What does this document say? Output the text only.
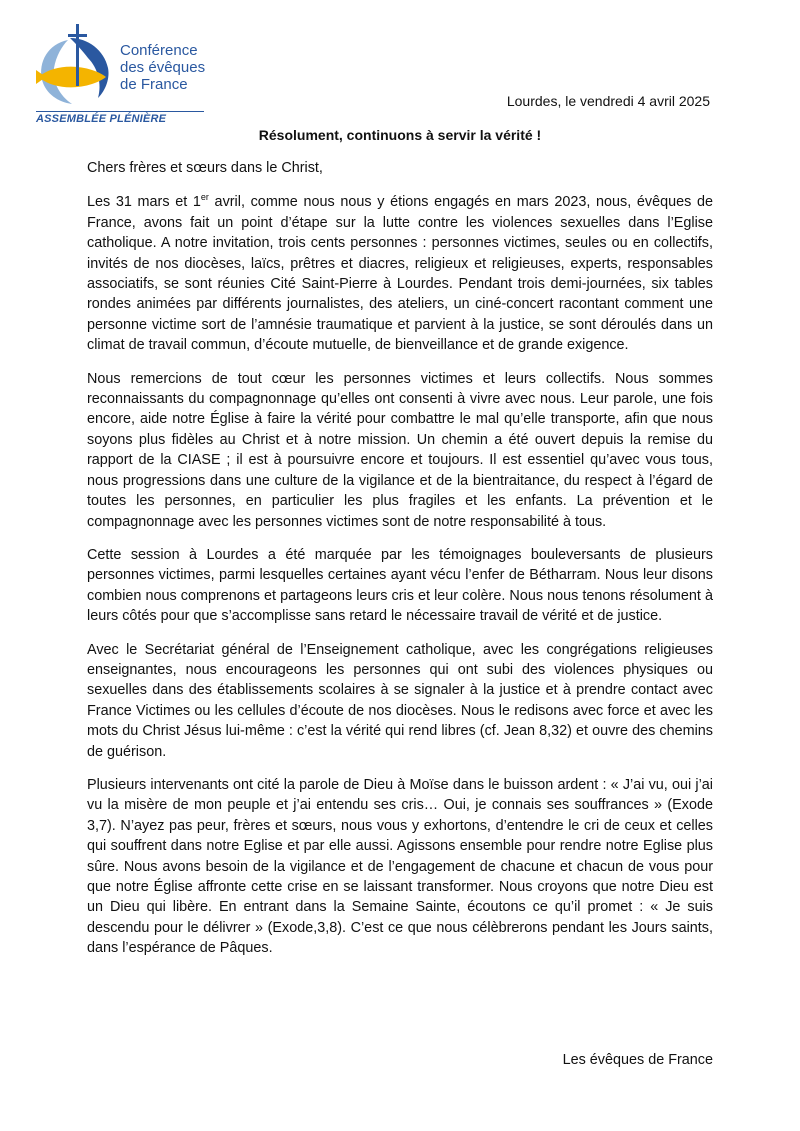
Conférence
des évêques
de France
ASSEMBLÉE PLÉNIÈRE
Lourdes, le vendredi 4 avril 2025
Résolument, continuons à servir la vérité !

Chers frères et sœurs dans le Christ,

Les 31 mars et 1er avril, comme nous nous y étions engagés en mars 2023, nous, évêques de France, avons fait un point d’étape sur la lutte contre les violences sexuelles dans l’Eglise catholique. A notre invitation, trois cents personnes : personnes victimes, seules ou en collectifs, invités de nos diocèses, laïcs, prêtres et diacres, religieux et religieuses, experts, responsables associatifs, se sont réunies Cité Saint-Pierre à Lourdes. Pendant trois demi-journées, six tables rondes animées par différents journalistes, des ateliers, un ciné-concert racontant comment une personne victime sort de l’amnésie traumatique et parvient à la justice, se sont déroulés dans un climat de travail commun, d’écoute mutuelle, de bienveillance et de grande exigence.

Nous remercions de tout cœur les personnes victimes et leurs collectifs. Nous sommes reconnaissants du compagnonnage qu’elles ont consenti à vivre avec nous. Leur parole, une fois encore, aide notre Église à faire la vérité pour combattre le mal qu’elle transporte, afin que nous soyons plus fidèles au Christ et à notre mission. Un chemin a été ouvert depuis la remise du rapport de la CIASE ; il est à poursuivre encore et toujours. Il est essentiel qu’avec vous tous, nous progressions dans une culture de la vigilance et de la bientraitance, du respect à l’égard de toutes les personnes, en particulier les plus fragiles et les enfants. La prévention et le compagnonnage avec les personnes victimes sont de notre responsabilité à tous.

Cette session à Lourdes a été marquée par les témoignages bouleversants de plusieurs personnes victimes, parmi lesquelles certaines ayant vécu l’enfer de Bétharram. Nous leur disons combien nous comprenons et partageons leurs cris et leur colère. Nous nous tenons résolument à leurs côtés pour que s’accomplisse sans retard le nécessaire travail de vérité et de justice.

Avec le Secrétariat général de l’Enseignement catholique, avec les congrégations religieuses enseignantes, nous encourageons les personnes qui ont subi des violences physiques ou sexuelles dans des établissements scolaires à se signaler à la justice et à prendre contact avec France Victimes ou les cellules d’écoute de nos diocèses. Nous le redisons avec force et avec les mots du Christ Jésus lui-même : c’est la vérité qui rend libres (cf. Jean 8,32) et ouvre des chemins de guérison.

Plusieurs intervenants ont cité la parole de Dieu à Moïse dans le buisson ardent : « J’ai vu, oui j’ai vu la misère de mon peuple et j’ai entendu ses cris… Oui, je connais ses souffrances » (Exode 3,7). N’ayez pas peur, frères et sœurs, nous vous y exhortons, d’entendre le cri de ceux et celles qui souffrent dans notre Eglise et par elle aussi. Agissons ensemble pour rendre notre Eglise plus sûre. Nous avons besoin de la vigilance et de l’engagement de chacune et chacun de vous pour que notre Église affronte cette crise en se laissant transformer. Nous croyons que notre Dieu est un Dieu qui libère. En entrant dans la Semaine Sainte, écoutons ce qu’il promet : « Je suis descendu pour le délivrer » (Exode,3,8). C’est ce que nous célèbrerons pendant les Jours saints, dans l’espérance de Pâques.

Les évêques de France
